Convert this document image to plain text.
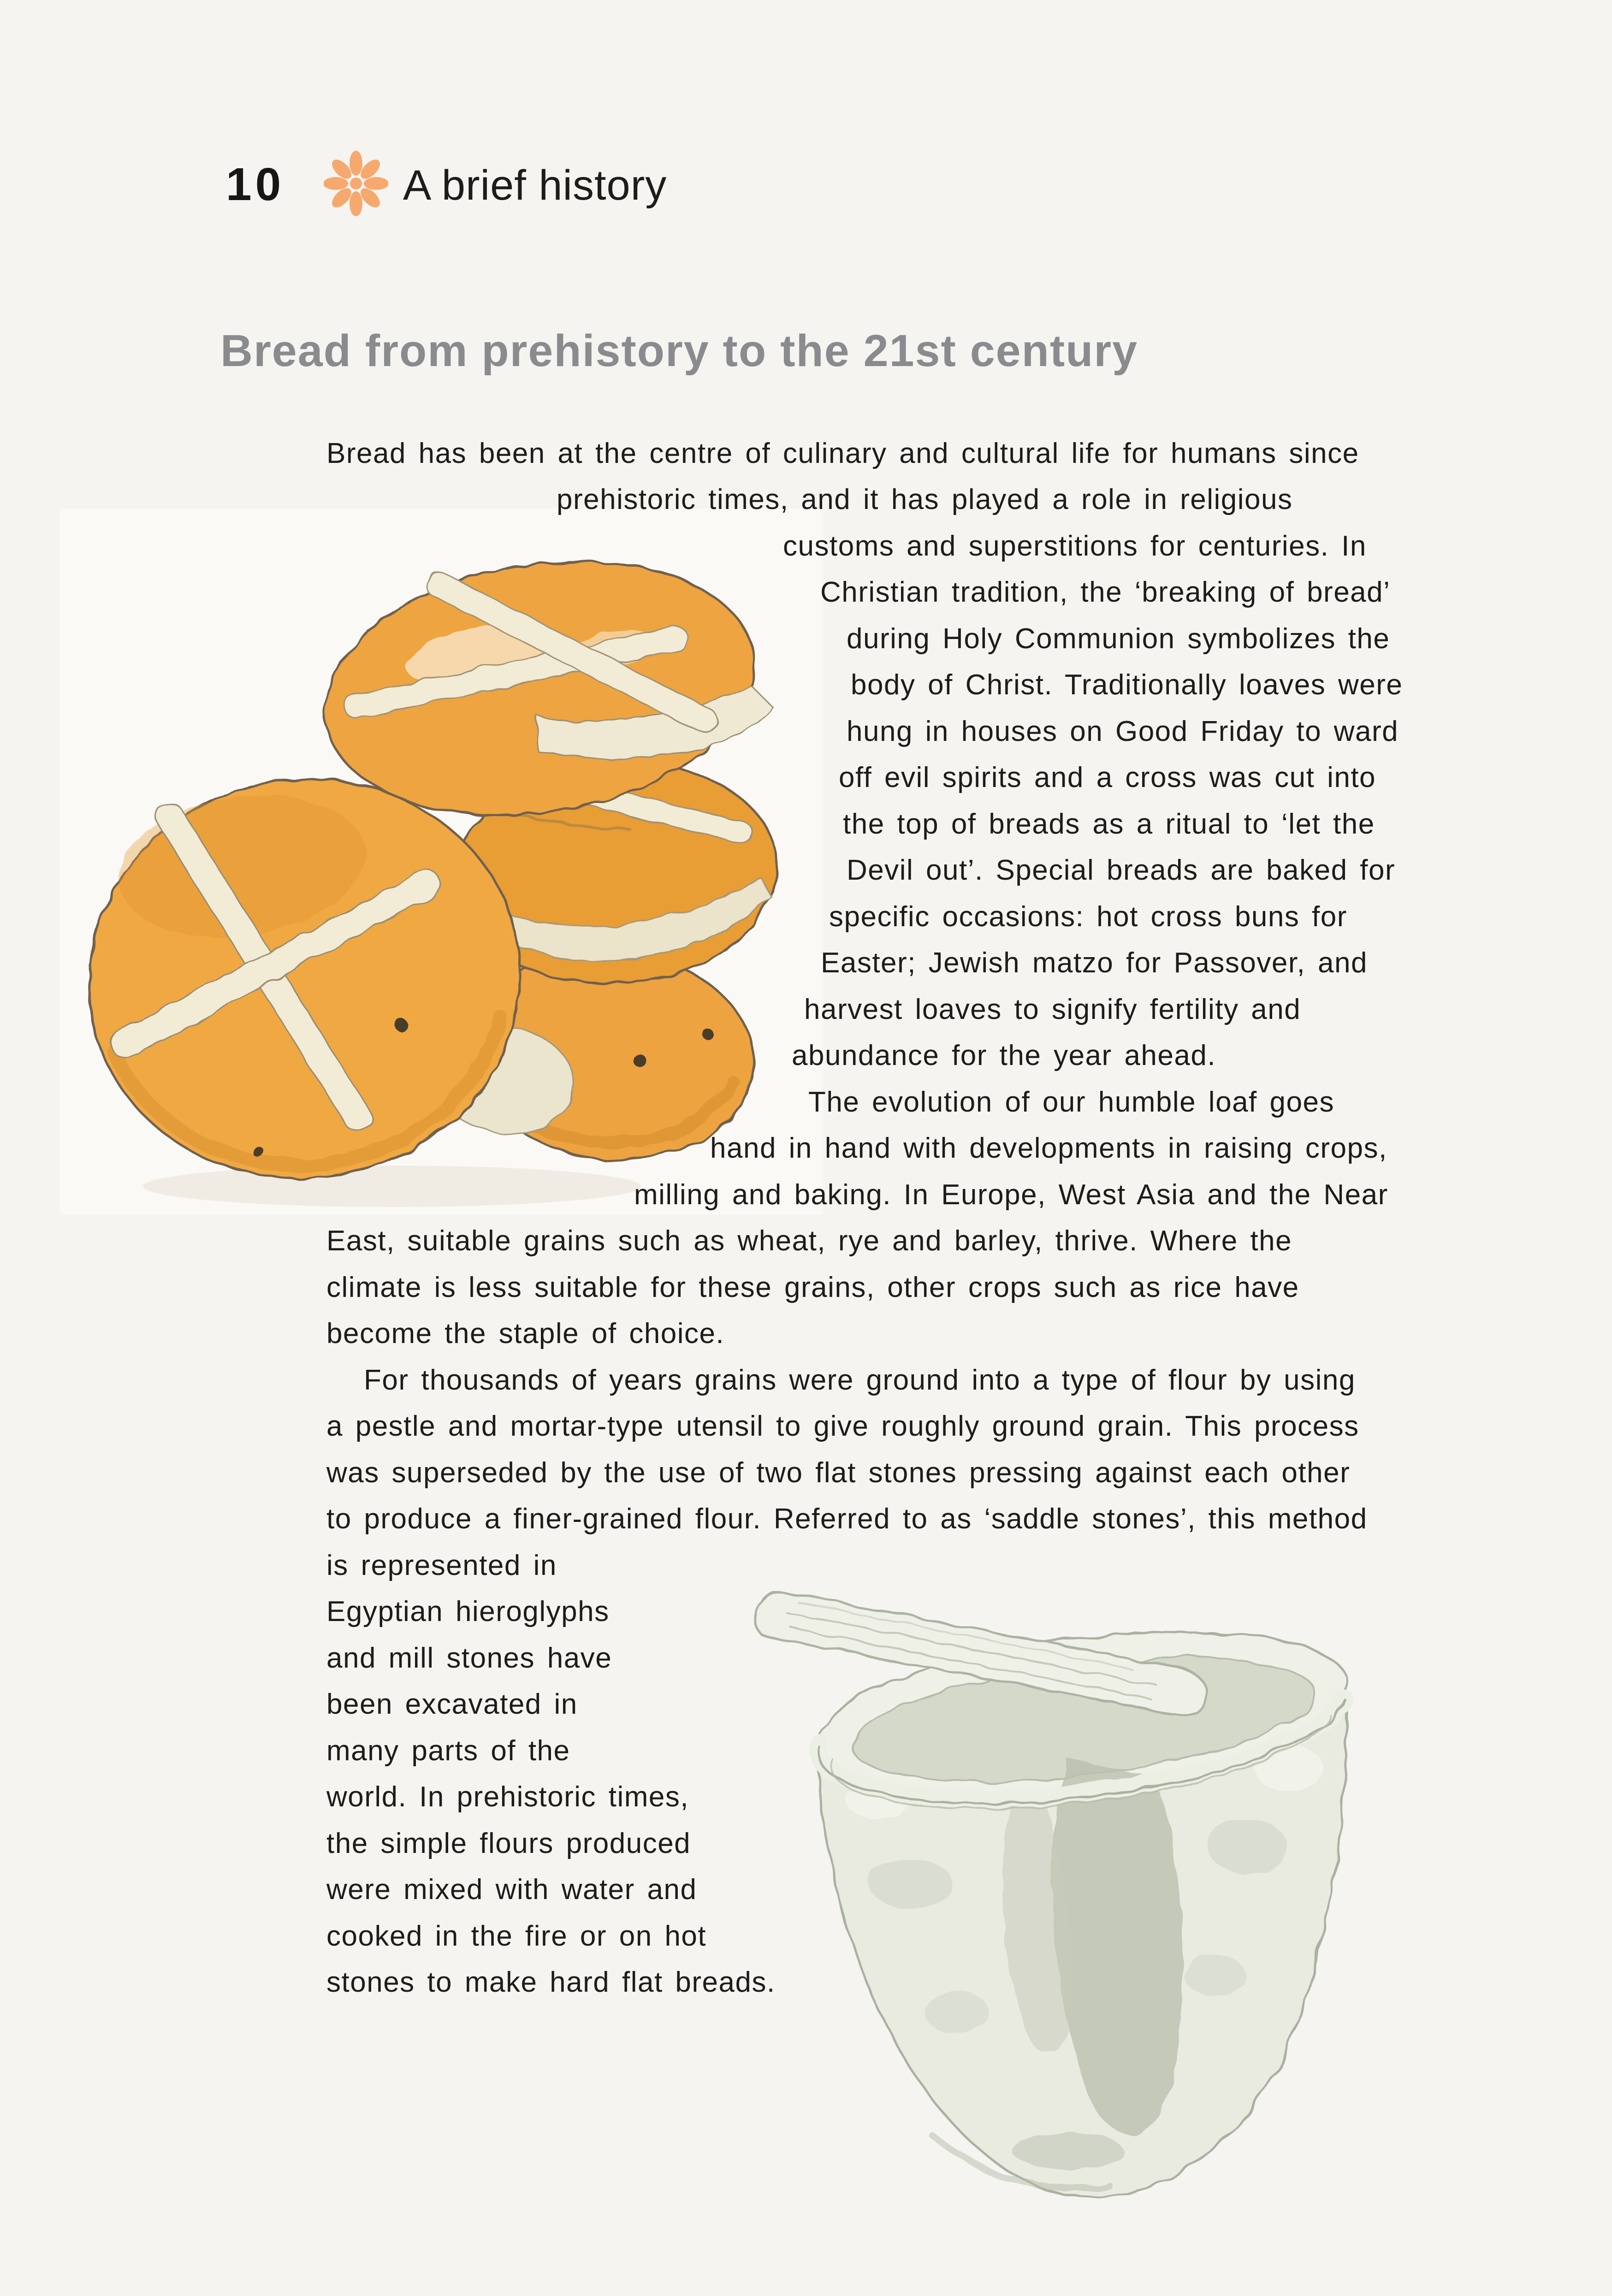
10	A brief history
Bread from prehistory to the 21st century
Bread has been at the centre of culinary and cultural life for humans since
prehistoric times, and it has played a role in religious
customs and superstitions for centuries. In
Christian tradition, the ‘breaking of bread’
during Holy Communion symbolizes the
body of Christ. Traditionally loaves were
hung in houses on Good Friday to ward
off evil spirits and a cross was cut into
the top of breads as a ritual to ‘let the
Devil out’. Special breads are baked for
specific occasions: hot cross buns for
Easter; Jewish matzo for Passover, and
harvest loaves to signify fertility and
abundance for the year ahead.
The evolution of our humble loaf goes
hand in hand with developments in raising crops,
milling and baking. In Europe, West Asia and the Near
East, suitable grains such as wheat, rye and barley, thrive. Where the
climate is less suitable for these grains, other crops such as rice have
become the staple of choice.
For thousands of years grains were ground into a type of flour by using
a pestle and mortar-type utensil to give roughly ground grain. This process
was superseded by the use of two flat stones pressing against each other
to produce a finer-grained flour. Referred to as ‘saddle stones’, this method
is represented in
Egyptian hieroglyphs
and mill stones have
been excavated in
many parts of the
world. In prehistoric times,
the simple flours produced
were mixed with water and
cooked in the fire or on hot
stones to make hard flat breads.
